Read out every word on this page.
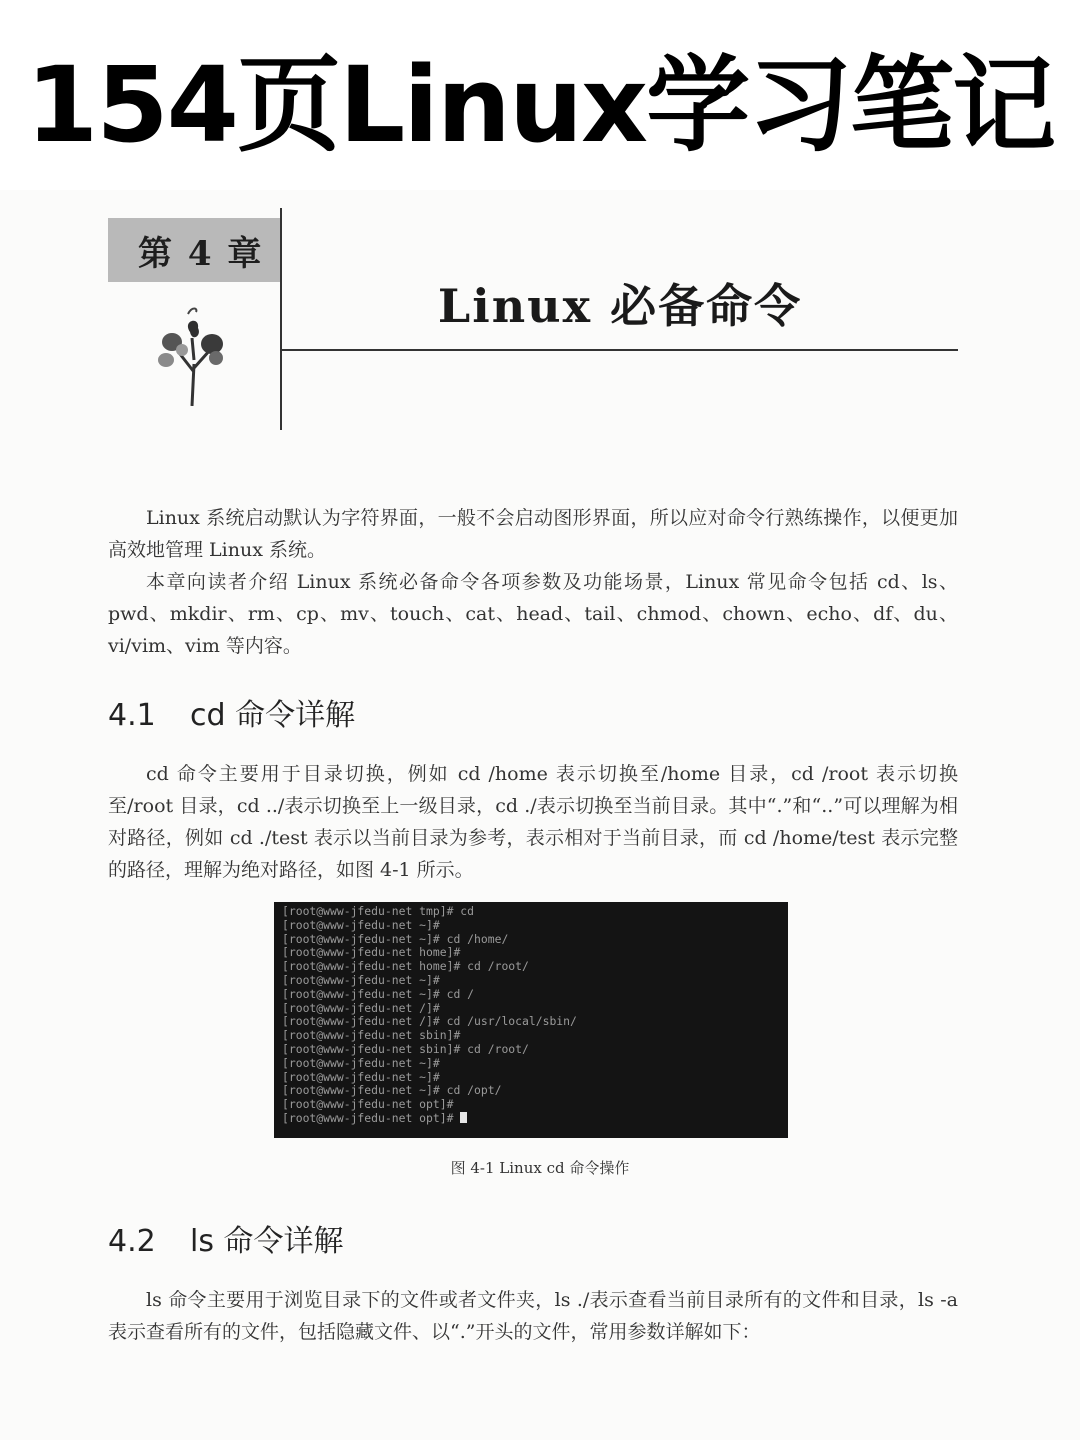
154页Linux学习笔记
第 4 章
Linux 必备命令

Linux 系统启动默认为字符界面，一般不会启动图形界面，所以应对命令行熟练操作，以便更加高效地管理 Linux 系统。

本章向读者介绍 Linux 系统必备命令各项参数及功能场景，Linux 常见命令包括 cd、ls、pwd、mkdir、rm、cp、mv、touch、cat、head、tail、chmod、chown、echo、df、du、vi/vim、vim 等内容。

4.1 cd 命令详解

cd 命令主要用于目录切换，例如 cd /home 表示切换至/home 目录，cd /root 表示切换至/root 目录，cd ../表示切换至上一级目录，cd ./表示切换至当前目录。其中“.”和“..”可以理解为相对路径，例如 cd ./test 表示以当前目录为参考，表示相对于当前目录，而 cd /home/test 表示完整的路径，理解为绝对路径，如图 4-1 所示。

[root@www-jfedu-net tmp]# cd
[root@www-jfedu-net ~]#
[root@www-jfedu-net ~]# cd /home/
[root@www-jfedu-net home]#
[root@www-jfedu-net home]# cd /root/
[root@www-jfedu-net ~]#
[root@www-jfedu-net ~]# cd /
[root@www-jfedu-net /]#
[root@www-jfedu-net /]# cd /usr/local/sbin/
[root@www-jfedu-net sbin]#
[root@www-jfedu-net sbin]# cd /root/
[root@www-jfedu-net ~]#
[root@www-jfedu-net ~]#
[root@www-jfedu-net ~]# cd /opt/
[root@www-jfedu-net opt]#
[root@www-jfedu-net opt]#
图 4-1 Linux cd 命令操作
4.2 ls 命令详解

ls 命令主要用于浏览目录下的文件或者文件夹，ls ./表示查看当前目录所有的文件和目录，ls -a 表示查看所有的文件，包括隐藏文件、以“.”开头的文件，常用参数详解如下：
